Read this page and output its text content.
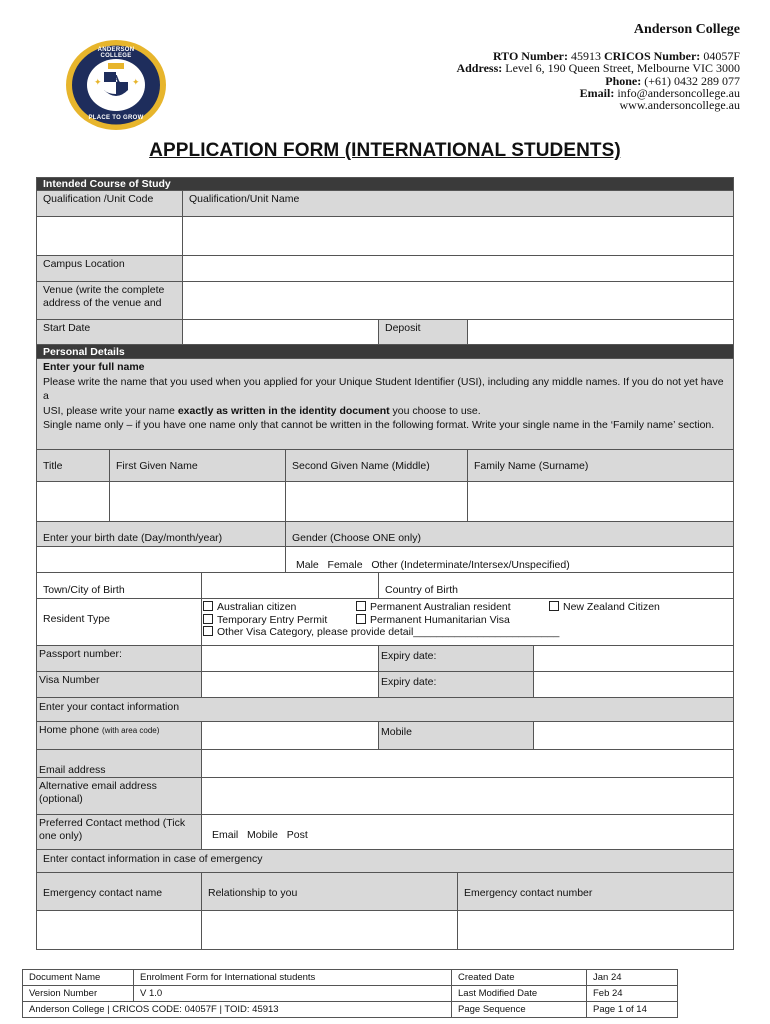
✦	✦
A
ANDERSON COLLEGE
PLACE TO GROW
Anderson College
RTO Number: 45913 CRICOS Number: 04057F
Address: Level 6, 190 Queen Street, Melbourne VIC 3000
Phone: (+61) 0432 289 077
Email: info@andersoncollege.au
www.andersoncollege.au
APPLICATION FORM (INTERNATIONAL STUDENTS)
Intended Course of Study
Qualification /Unit Code	Qualification/Unit Name
Campus Location
Venue (write the complete address of the venue and
Start Date	Deposit
Personal Details
Enter your full name
Please write the name that you used when you applied for your Unique Student Identifier (USI), including any middle names. If you do not yet have a
USI, please write your name exactly as written in the identity document you choose to use.
Single name only – if you have one name only that cannot be written in the following format. Write your single name in the ‘Family name’ section.
Title	First Given Name	Second Given Name (Middle)	Family Name (Surname)
Enter your birth date (Day/month/year)	Gender (Choose ONE only)
Male Female Other (Indeterminate/Intersex/Unspecified)
Town/City of Birth	Country of Birth
Resident Type
Australian citizen	Permanent Australian resident	New Zealand Citizen
Temporary Entry Permit	Permanent Humanitarian Visa
Other Visa Category, please provide detail_________________________
Passport number:	Expiry date:
Visa Number	Expiry date:
Enter your contact information
Home phone (with area code)	Mobile
Email address
Alternative email address (optional)
Preferred Contact method (Tick one only)	Email Mobile Post
Enter contact information in case of emergency
Emergency contact name	Relationship to you	Emergency contact number
Document Name	Enrolment Form for International students	Created Date	Jan 24
Version Number	V 1.0	Last Modified Date	Feb 24
Anderson College | CRICOS CODE: 04057F | TOID: 45913	Page Sequence	Page 1 of 14
